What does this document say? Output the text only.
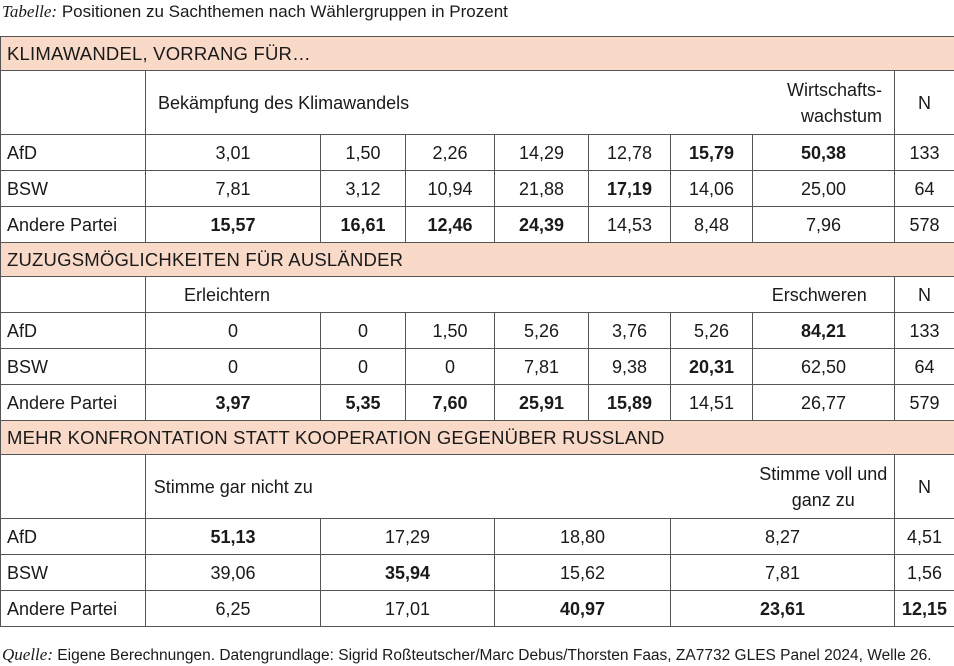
Tabelle: Positionen zu Sachthemen nach Wählergruppen in Prozent
KLIMAWANDEL, VORRANG FÜR…									
	Bekämpfung des Klimawandels						Wirtschafts-wachstum	N	
AfD	3,01	1,50	2,26	14,29	12,78	15,79	50,38	133	
BSW	7,81	3,12	10,94	21,88	17,19	14,06	25,00	64	
Andere Partei	15,57	16,61	12,46	24,39	14,53	8,48	7,96	578	
ZUZUGSMÖGLICHKEITEN FÜR AUSLÄNDER									
	Erleichtern						Erschweren	N	
AfD	0	0	1,50	5,26	3,76	5,26	84,21	133	
BSW	0	0	0	7,81	9,38	20,31	62,50	64	
Andere Partei	3,97	5,35	7,60	25,91	15,89	14,51	26,77	579	
MEHR KONFRONTATION STATT KOOPERATION GEGENÜBER RUSSLAND									
	Stimme gar nicht zu						Stimme voll und ganz zu	N	
AfD	51,13	17,29		18,80		8,27		4,51	
BSW	39,06	35,94		15,62		7,81		1,56	
Andere Partei	6,25	17,01		40,97		23,61		12,15	
Quelle: Eigene Berechnungen. Datengrundlage: Sigrid Roßteutscher/Marc Debus/Thorsten Faas, ZA7732 GLES Panel 2024, Welle 26.
